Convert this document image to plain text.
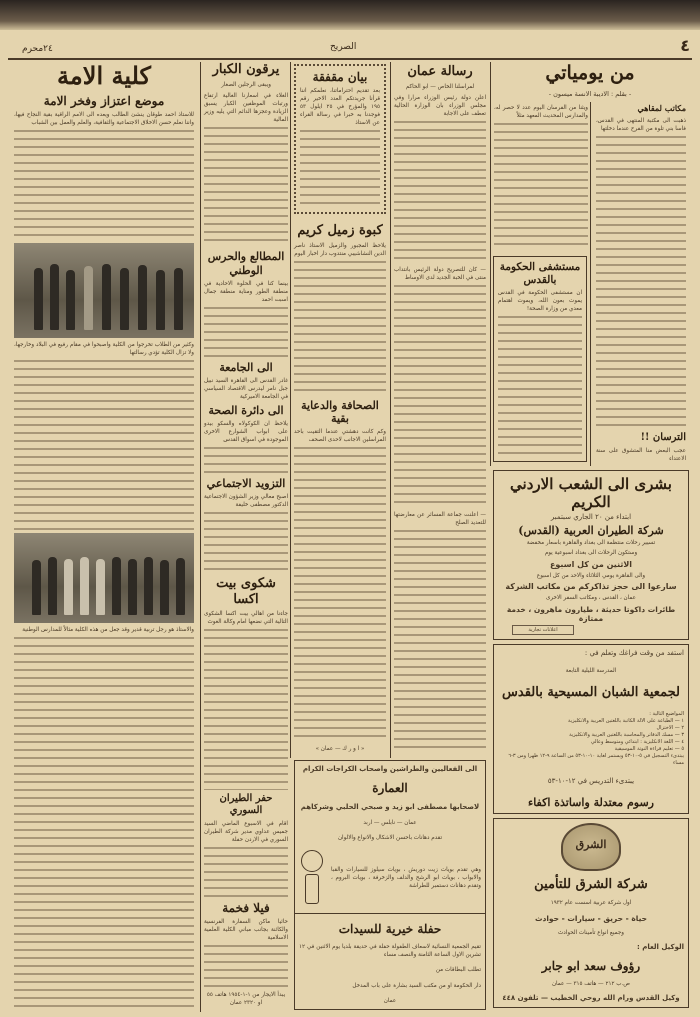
٤
الصريح
٢٤محرم
كلية الامة
موضع اعتزاز وفخر الامة
للاستاذ احمد طوقان ينشئ الطالب ويعده الى الامم الراقية بقية النجاح فيها، واننا نعلم حسن الاخلاق الاجتماعية والثقافية، والعلم والعمل بين الشباب
وكثير من الطلاب تخرجوا من الكلية واصبحوا في مقام رفيع في البلاد وخارجها، ولا تزال الكلية تؤدي رسالتها
والاستاذ هو رجل تربية قدير وقد جعل من هذه الكلية مثالاً للمدارس الوطنية
يرقون الكبار
ويبقى الرجلين الصغار
الغلاء في اسعارنا الغالية ارتفاع ورتبات الموظفين الكبار يسبق الزيادة وعجزها الدائم التي يليه وزير المالية
المطالع والحرس الوطني
بينما كنا في الحلوة الاحادية في منطقة الطور ومناية منطقة جمال اسبت احمد
الى الجامعة
غادر القدس الى القاهرة السيد نبيل جبل نامر ليدرس الاقتصاد السياسي في الجامعة الاميركية
الى دائرة الصحة
يلاحظ ان الكوكولاه والسكو بيدو على ابواب الشوارع الاخرى الموجودة في اسواق القدس
التزويد الاجتماعي
اصبح معالي وزير الشؤون الاجتماعية الدكتور مصطفى خليفة
شكوى بيت اكسا
جاءنا من اهالي بيت اكسا الشكوى التالية التي نضعها امام وكالة الغوث
حفر الطيران السوري
اقام في الاسبوع الماضي السيد جميس عداوي مدير شركة الطيران السوري في الاردن حفلة
فيلا فخمة
حائيا ماكن السفارة الفرنسية والكائنة بجانب مباني الكلية العلمية الاسلامية
يبدأ الايجار من ١-١-١٩٥٤ هاتف ٥٥ او ٢٣٢٠ عمان
بيان مقفقة
بعد تقديم احتراماتنا، نعلمكم اننا قرأنا جريدتكم العدد الاخير رقم ١٩٥ والمؤرخ في ٢٥ ايلول ٥٣ فوجدنا به خبرا في رسالة القراء عن الاستاذ
كبوة زميل كريم
يلاحظ المجبور والزميل الاستاذ ناصر الدين النشاشيبي منتدوب دار اخبار اليوم
الصحافة والدعاية بقية
وكم كانت دهشتي عندما التقيت باحد المراسلين الاجانب لاحدى الصحف
« ا و ر ك — عمان »
رسالة عمان
لمراسلنا الخاص — ابو الحاكم
اعلن دولة رئيس الوزراء مرارا وفي مجلس الوزراء بان الوزارة الحالية تعطف على الاجابة
— كان للتصريح دولة الرئيس بانتداب منتى في الخبة الجديد لدى الاوساط
— اعلنت جماعة المسائر عن معارضتها للتعديد الصلح
من يومياتي
- بقلم : الاديبة الانسة ميسون -
ويثنا من الفرسان اليوم عدد لا حصر له، والمدارس المحديث المعهد مثلاً
مستشفى الحكومة بالقدس
ان مستشفى الحكومة في القدس يموت بعون الله، ويموت اهتمام معدي من وزارة الصحة!
مكاتب لمقاهي
ذهبت الى مكتبة المنتهى في القدس، فاسا بني تلوة من الفرح عندما دخلتها
الترسان !!
عجب البعض منا المتشوق على سنة الاعتداء
بشرى الى الشعب الاردني الكريم
ابتداء من ٢٠ الجاري سبتمبر
شركة الطيران العربية (القدس)
تسيير رحلات منتظمة الى بغداد والقاهرة باسعار مخفضة
وستكون الرحلات الى بغداد اسبوعية يوم
الاثنين من كل اسبوع
والى القاهرة يومي الثلاثاء والاحد من كل اسبوع
سارعوا الى حجز تذاكركم من مكاتب الشركة
عمان ، القدس ، ومكاتب السفر الاخرى
طائرات داكوتا حديثة ، طيارون ماهرون ، خدمة ممتازة
اعلانات تجارية
استفد من وقت فراغك وتعلم في :
المدرسة الليلية التابعة
لجمعية الشبان المسيحية بالقدس
المواضيع التالية :
١ — الطباعة على الالة الكاتبة باللغتين العربية والانكليزية
٢ — الاختزال
٣ — مسك الدفاتر والمحاسبة باللغتين العربية والانكليزية
٤ — اللغة الانكليزية : ابتدائي ومتوسط وعالي
٥ — تعليم قراءة النوتة الموسيقية
يبتدىء التسجيل في ٥-١٠-٥٣ ويستمر لغاية ١٠-١٠-٥٣ من الساعة ٩-١٢ ظهرا ومن ٣-٦ مساء
يبتدىء التدريس في ١٢-١٠-٥٣
رسوم معتدلة واساتذة اكفاء
الشرق
شركة الشرق للتأمين
اول شركة عربية اسست عام ١٩٣٢
حياة - حريق - سيارات - حوادث
وجميع انواع تأمينات الحوادث
الوكيل العام :
رؤوف سعد ابو جابر
ص.ب ٢١٢ — هاتف ٣١٥ — عمان
وكيل القدس ورام الله روحي الخطيب — تلفون ٤٤٨
الى الفعاليين والطراشين واصحاب الكراجات الكرام
العمارة
لاصحابها مصطفى ابو زيد و صبحي الحلبي وشركاهم
عمان — نابلس — اربد
تقدم دهانات باحسن الاشكال والانواع والالوان
وهي تقدم بويات زيت دوريش ، بويات سيلوز للسيارات والقبا والابواب ، بويات ابو الرشح والدلف والزخرفة ، بويات البروم ، وتقدم دهانات دستمبر للطراشة
حفلة خيرية للسيدات
تقيم الجمعية النسائية لاسعاف الطفولة حفلة في حديقة بلديا يوم الاثنين في ١٢ تشرين الاول الساعة الثامنة والنصف مساء
تطلب البطاقات من
دار الحكومة او من مكتب السيد بشارة على باب المدخل
عمان
